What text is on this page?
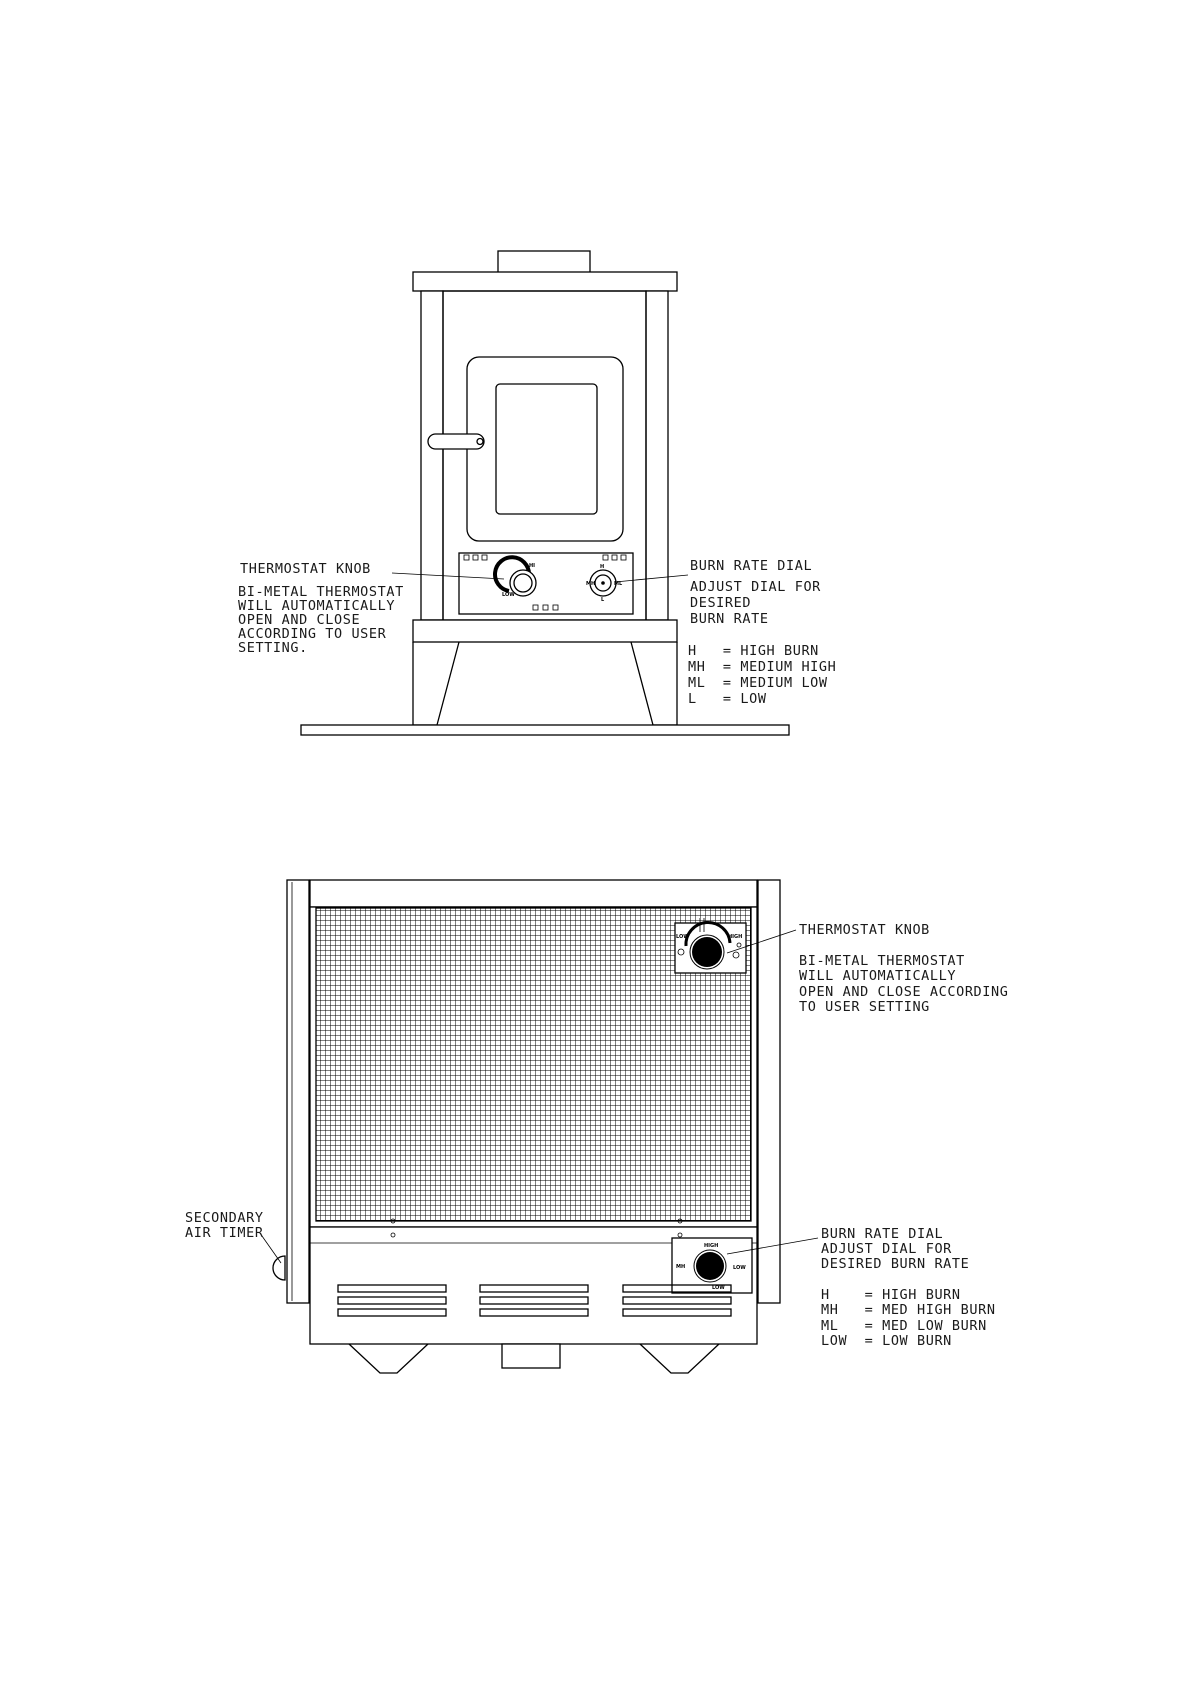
LOW
HI	H
MH	ML
L
THERMOSTAT KNOB
BI-METAL THERMOSTAT
WILL AUTOMATICALLY
OPEN AND CLOSE
ACCORDING TO USER
SETTING.
BURN RATE DIAL
ADJUST DIAL FOR
DESIRED
BURN RATE
H   = HIGH BURN
MH  = MEDIUM HIGH
ML  = MEDIUM LOW
L   = LOW
LOW	HIGH
HIGH
LOW
LOW
MH
THERMOSTAT KNOB
BI-METAL THERMOSTAT
WILL AUTOMATICALLY
OPEN AND CLOSE ACCORDING
TO USER SETTING
BURN RATE DIAL
ADJUST DIAL FOR
DESIRED BURN RATE
H    = HIGH BURN
MH   = MED HIGH BURN
ML   = MED LOW BURN
LOW  = LOW BURN
SECONDARY
AIR TIMER
